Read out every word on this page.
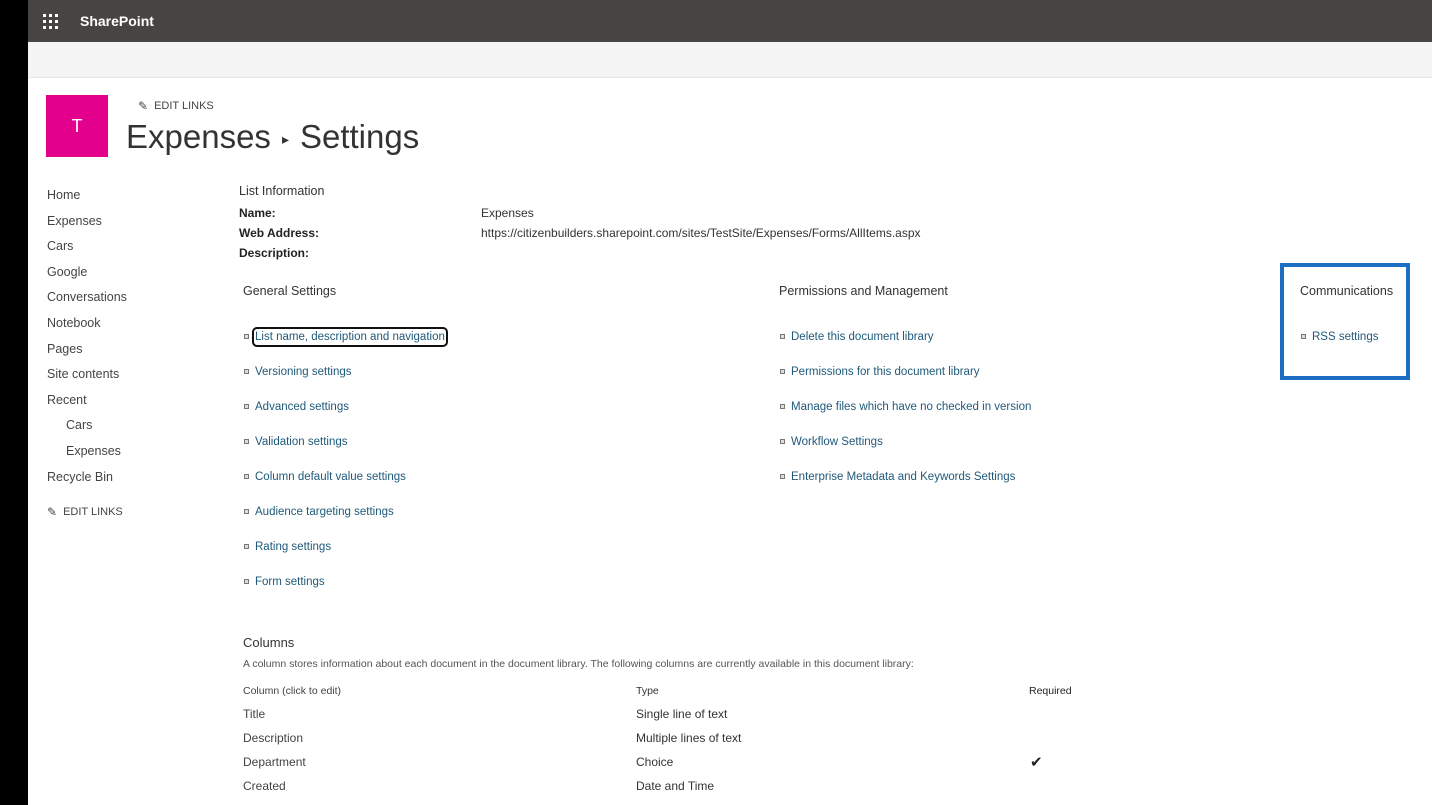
SharePoint
T
✎ EDIT LINKS
Expenses ▸ Settings
Home
Expenses
Cars
Google
Conversations
Notebook
Pages
Site contents
Recent
Cars
Expenses
Recycle Bin
✎ EDIT LINKS
List Information
Name:	Expenses
Web Address:	https://citizenbuilders.sharepoint.com/sites/TestSite/Expenses/Forms/AllItems.aspx
Description:
General Settings
List name, description and navigation
Versioning settings
Advanced settings
Validation settings
Column default value settings
Audience targeting settings
Rating settings
Form settings
Permissions and Management
Delete this document library
Permissions for this document library
Manage files which have no checked in version
Workflow Settings
Enterprise Metadata and Keywords Settings
Communications
RSS settings
Columns
A column stores information about each document in the document library. The following columns are currently available in this document library:
Column (click to edit)	Type	Required
Title	Single line of text
Description	Multiple lines of text
Department	Choice	✔
Created	Date and Time
